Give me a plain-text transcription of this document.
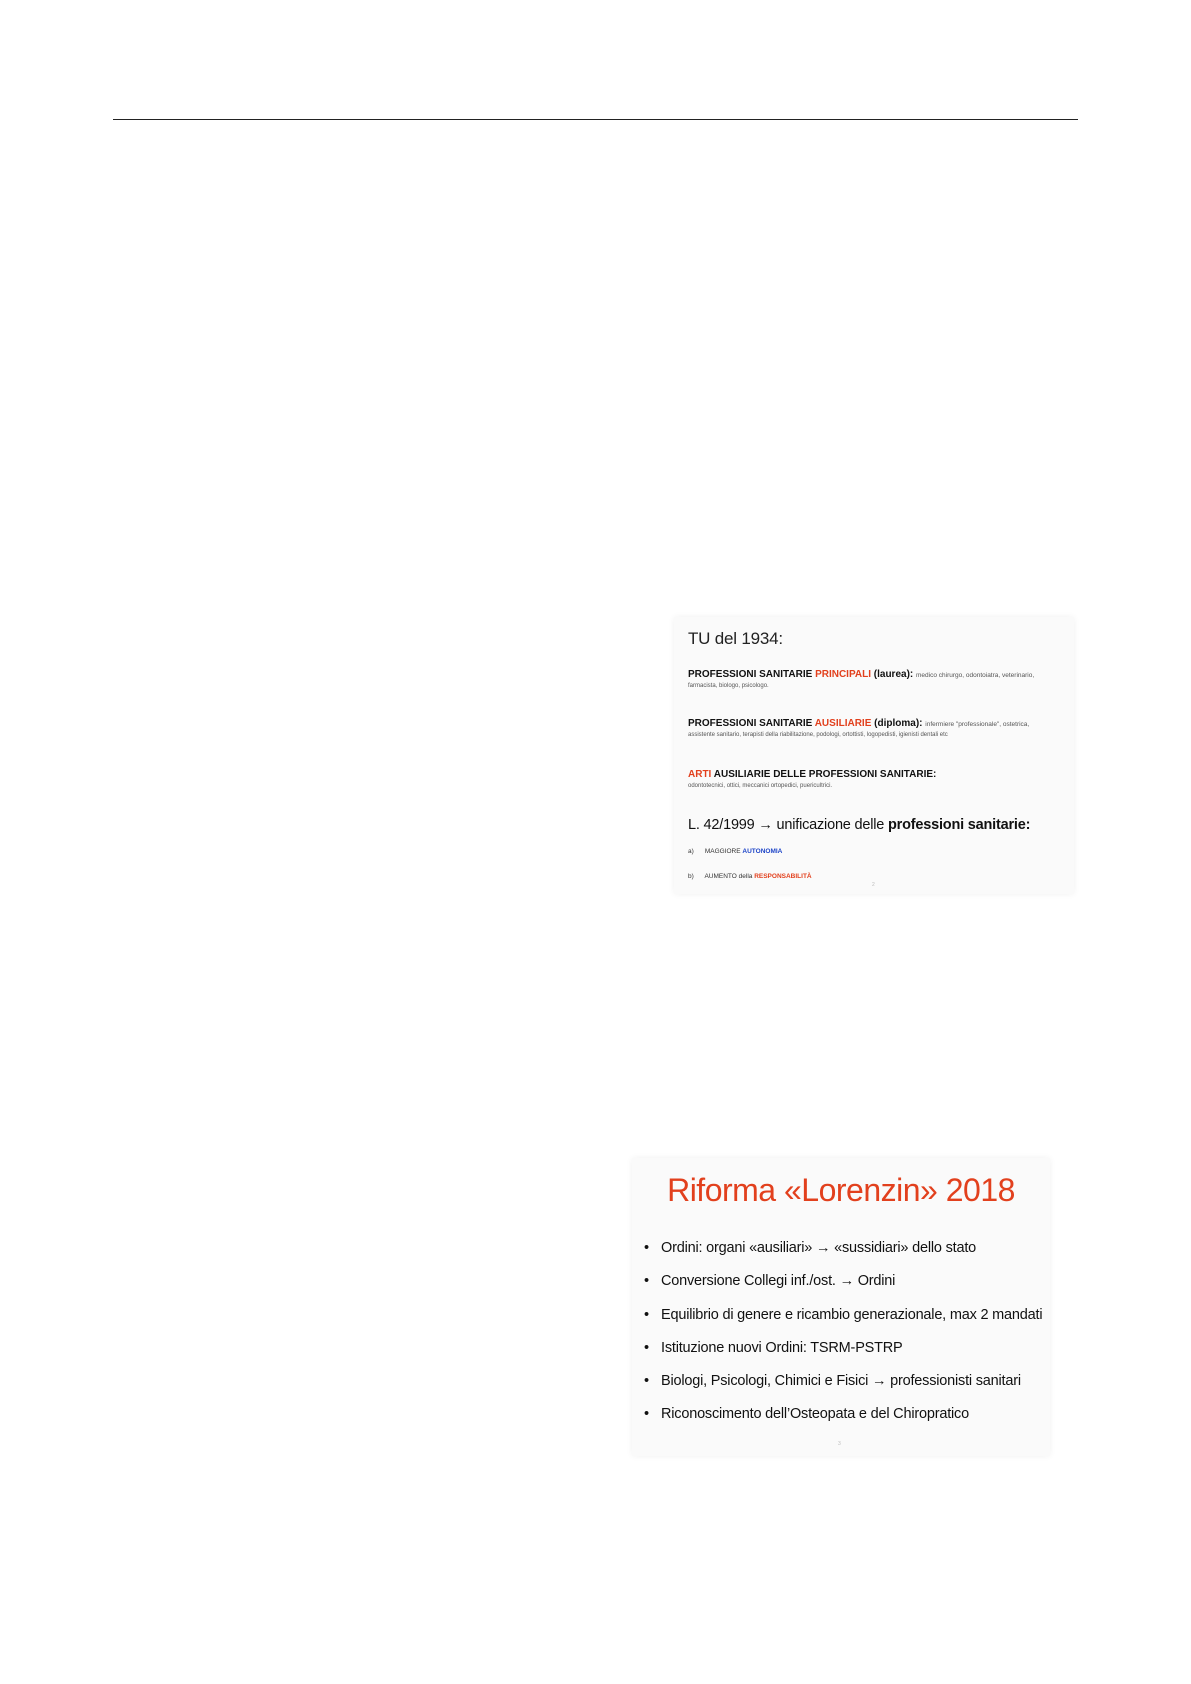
TU del 1934:
PROFESSIONI SANITARIE PRINCIPALI (laurea): medico chirurgo, odontoiatra, veterinario,
farmacista, biologo, psicologo.
PROFESSIONI SANITARIE AUSILIARIE (diploma): infermiere "professionale", ostetrica,
assistente sanitario, terapisti della riabilitazione, podologi, ortottisti, logopedisti, igienisti dentali etc
ARTI AUSILIARIE DELLE PROFESSIONI SANITARIE:
odontotecnici, ottici, meccanici ortopedici, puericultrici.
L. 42/1999 → unificazione delle professioni sanitarie:
a) MAGGIORE AUTONOMIA
b) AUMENTO della RESPONSABILITÀ
2
Riforma «Lorenzin» 2018
• Ordini: organi «ausiliari» → «sussidiari» dello stato
• Conversione Collegi inf./ost. → Ordini
• Equilibrio di genere e ricambio generazionale, max 2 mandati
• Istituzione nuovi Ordini: TSRM-PSTRP
• Biologi, Psicologi, Chimici e Fisici → professionisti sanitari
• Riconoscimento dell’Osteopata e del Chiropratico
3
